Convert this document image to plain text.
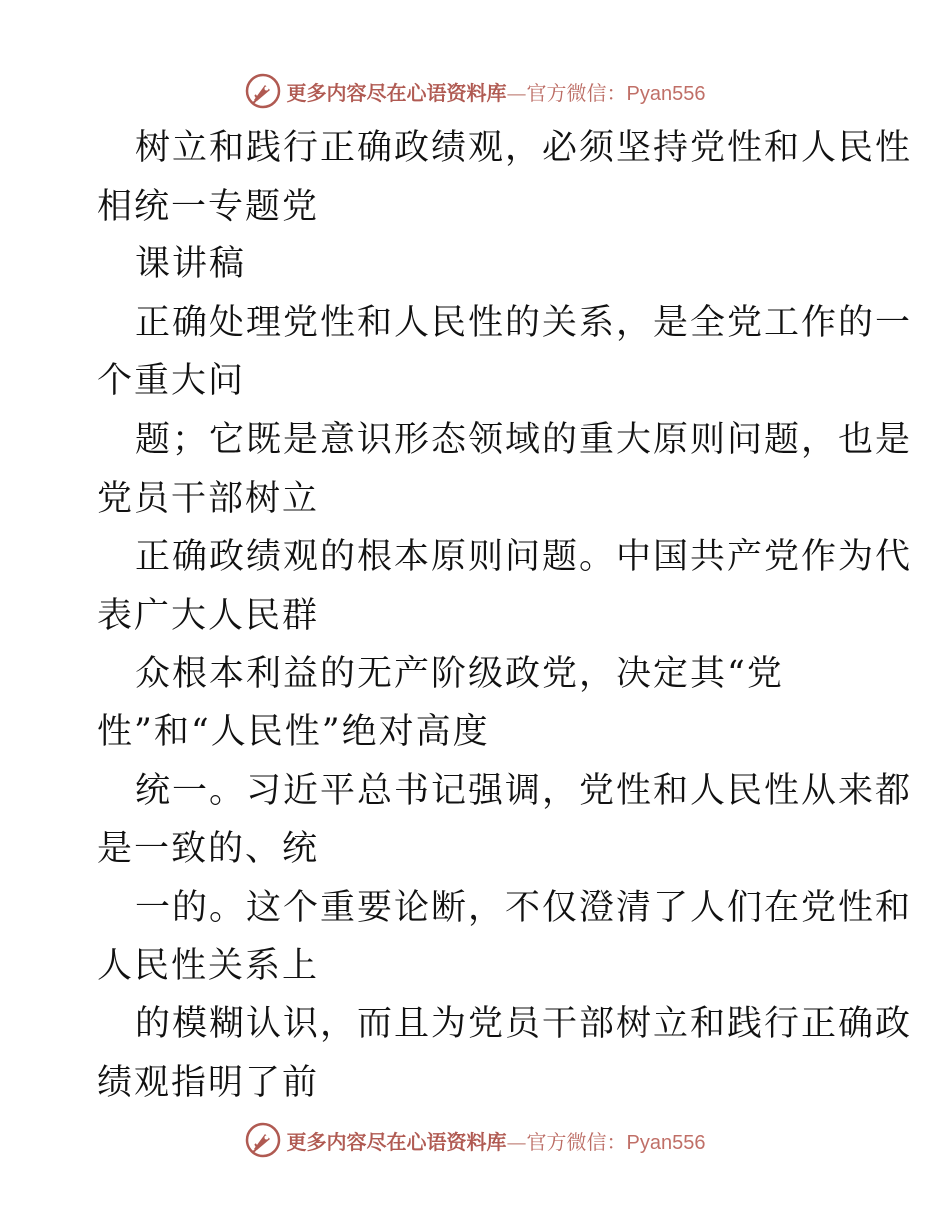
更多内容尽在心语资料库—官方微信：Pyan556
树立和践行正确政绩观，必须坚持党性和人民性
相统一专题党
课讲稿
正确处理党性和人民性的关系，是全党工作的一
个重大问
题；它既是意识形态领域的重大原则问题，也是
党员干部树立
正确政绩观的根本原则问题。中国共产党作为代
表广大人民群
众根本利益的无产阶级政党，决定其“党
性”和“人民性”绝对高度
统一。习近平总书记强调，党性和人民性从来都
是一致的、统
一的。这个重要论断，不仅澄清了人们在党性和
人民性关系上
的模糊认识，而且为党员干部树立和践行正确政
绩观指明了前
更多内容尽在心语资料库—官方微信：Pyan556
